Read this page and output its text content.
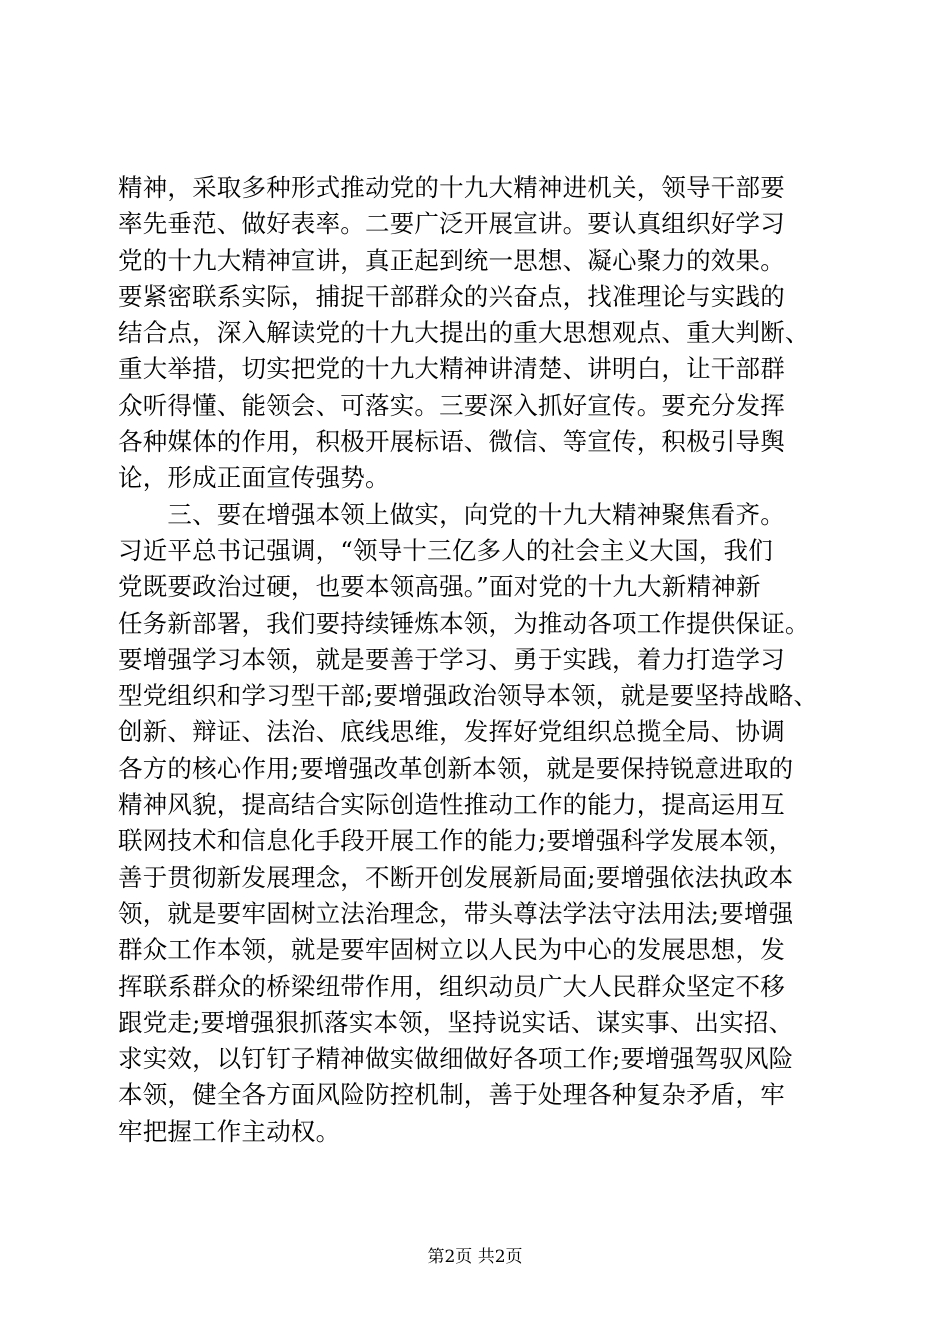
精神，采取多种形式推动党的十九大精神进机关，领导干部要
率先垂范、做好表率。二要广泛开展宣讲。要认真组织好学习
党的十九大精神宣讲，真正起到统一思想、凝心聚力的效果。
要紧密联系实际，捕捉干部群众的兴奋点，找准理论与实践的
结合点，深入解读党的十九大提出的重大思想观点、重大判断、
重大举措，切实把党的十九大精神讲清楚、讲明白，让干部群
众听得懂、能领会、可落实。三要深入抓好宣传。要充分发挥
各种媒体的作用，积极开展标语、微信、等宣传，积极引导舆
论，形成正面宣传强势。
　　三、要在增强本领上做实，向党的十九大精神聚焦看齐。
习近平总书记强调，“领导十三亿多人的社会主义大国，我们
党既要政治过硬，也要本领高强。”面对党的十九大新精神新
任务新部署，我们要持续锤炼本领，为推动各项工作提供保证。
要增强学习本领，就是要善于学习、勇于实践，着力打造学习
型党组织和学习型干部;要增强政治领导本领，就是要坚持战略、
创新、辩证、法治、底线思维，发挥好党组织总揽全局、协调
各方的核心作用;要增强改革创新本领，就是要保持锐意进取的
精神风貌，提高结合实际创造性推动工作的能力，提高运用互
联网技术和信息化手段开展工作的能力;要增强科学发展本领，
善于贯彻新发展理念，不断开创发展新局面;要增强依法执政本
领，就是要牢固树立法治理念，带头尊法学法守法用法;要增强
群众工作本领，就是要牢固树立以人民为中心的发展思想，发
挥联系群众的桥梁纽带作用，组织动员广大人民群众坚定不移
跟党走;要增强狠抓落实本领，坚持说实话、谋实事、出实招、
求实效，以钉钉子精神做实做细做好各项工作;要增强驾驭风险
本领，健全各方面风险防控机制，善于处理各种复杂矛盾，牢
牢把握工作主动权。
第2页 共2页
